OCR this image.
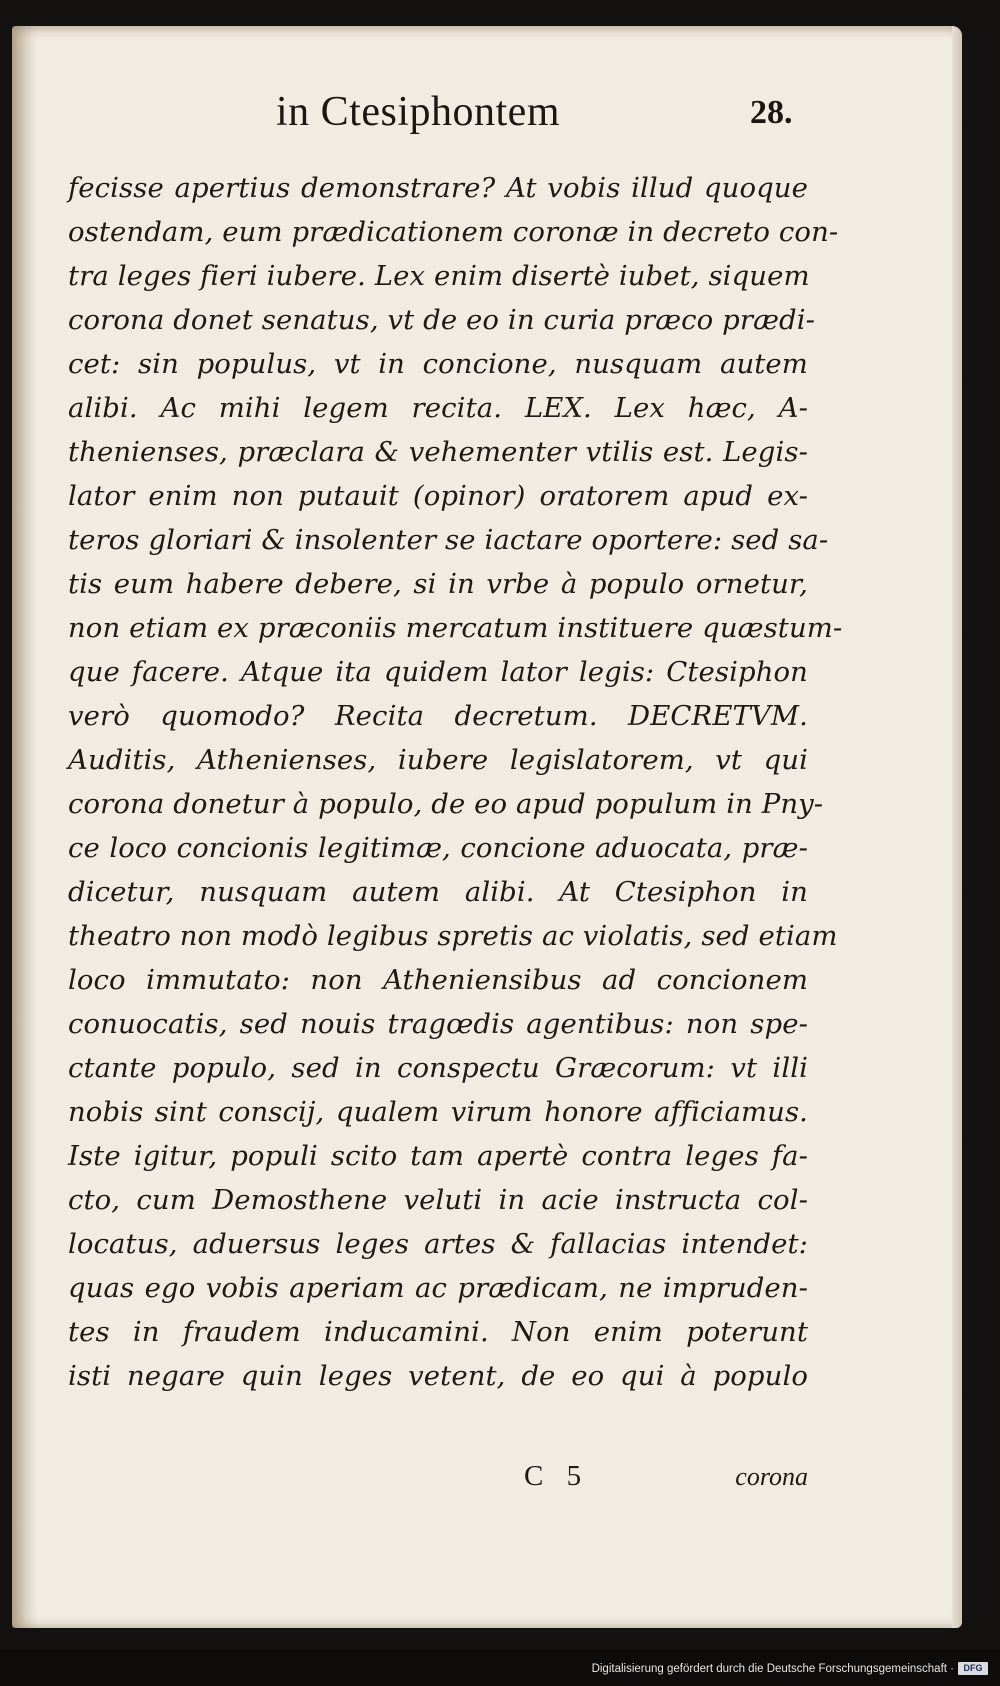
in Ctesiphontem	28.
fecisse apertius demonstrare? At vobis illud quoque
ostendam, eum prædicationem coronæ in decreto con-
tra leges fieri iubere. Lex enim disertè iubet, siquem
corona donet senatus, vt de eo in curia præco prædi-
cet: sin populus, vt in concione, nusquam autem
alibi. Ac mihi legem recita. LEX. Lex hæc, A-
thenienses, præclara & vehementer vtilis est. Legis-
lator enim non putauit (opinor) oratorem apud ex-
teros gloriari & insolenter se iactare oportere: sed sa-
tis eum habere debere, si in vrbe à populo ornetur,
non etiam ex præconiis mercatum instituere quæstum-
que facere. Atque ita quidem lator legis: Ctesiphon
verò quomodo? Recita decretum. DECRETVM.
Auditis, Athenienses, iubere legislatorem, vt qui
corona donetur à populo, de eo apud populum in Pny-
ce loco concionis legitimæ, concione aduocata, præ-
dicetur, nusquam autem alibi. At Ctesiphon in
theatro non modò legibus spretis ac violatis, sed etiam
loco immutato: non Atheniensibus ad concionem
conuocatis, sed nouis tragœdis agentibus: non spe-
ctante populo, sed in conspectu Græcorum: vt illi
nobis sint conscij, qualem virum honore afficiamus.
Iste igitur, populi scito tam apertè contra leges fa-
cto, cum Demosthene veluti in acie instructa col-
locatus, aduersus leges artes & fallacias intendet:
quas ego vobis aperiam ac prædicam, ne impruden-
tes in fraudem inducamini. Non enim poterunt
isti negare quin leges vetent, de eo qui à populo
C 5	corona
Digitalisierung gefördert durch die Deutsche Forschungsgemeinschaft ·	DFG
